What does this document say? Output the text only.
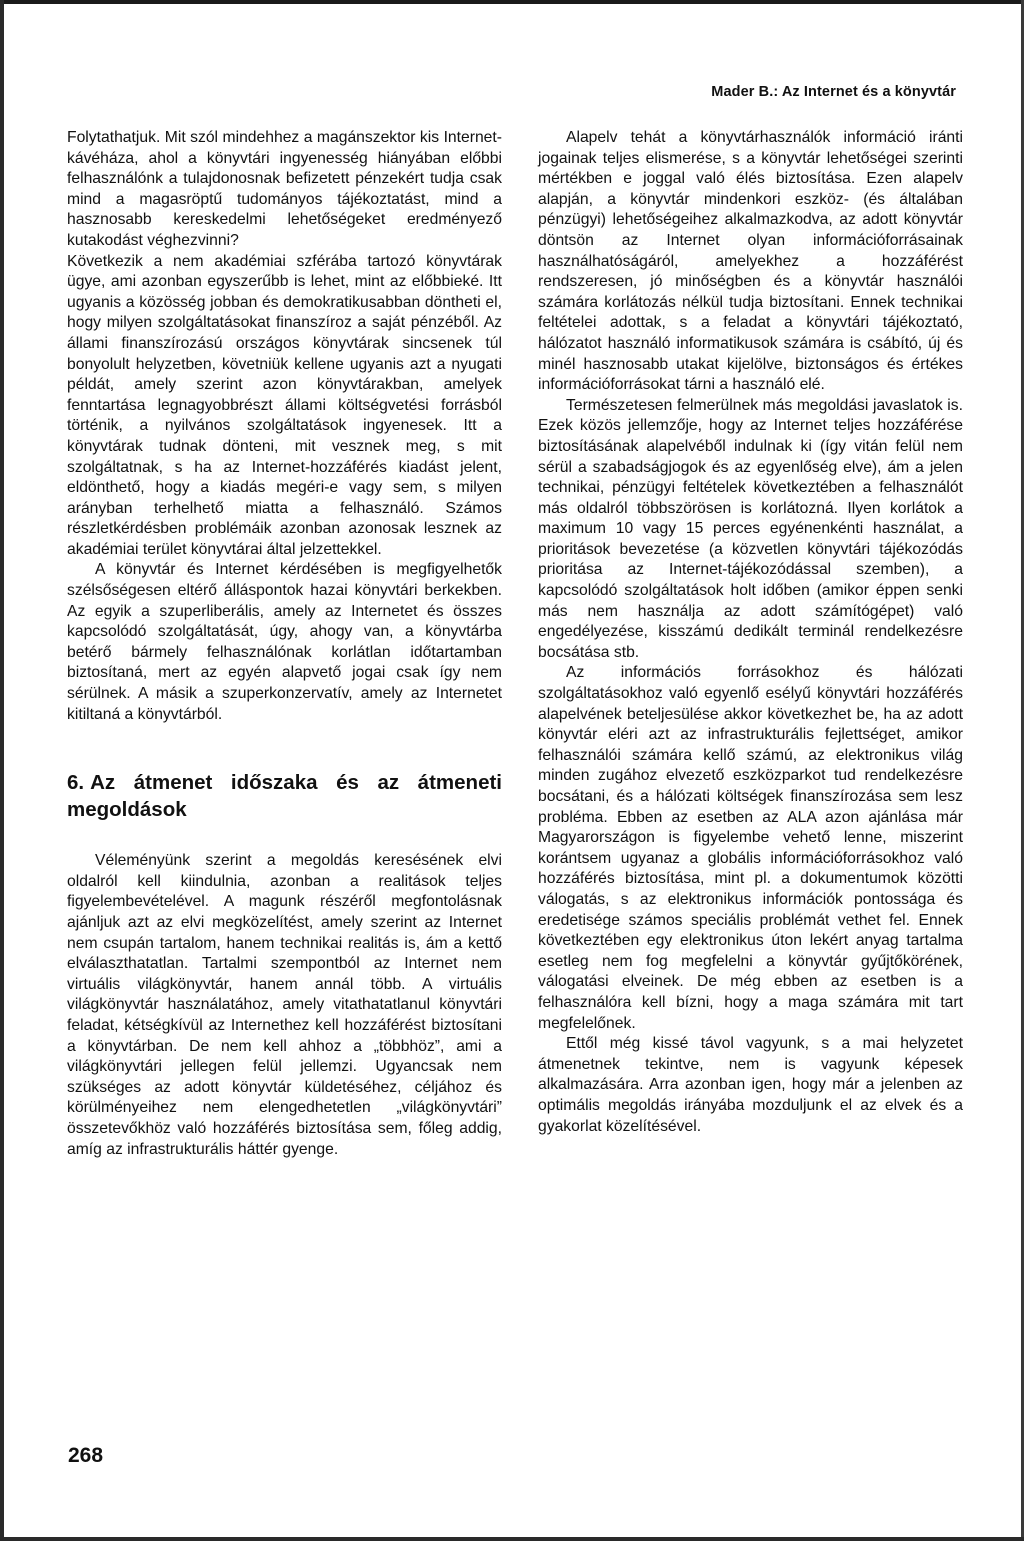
Mader B.: Az Internet és a könyvtár

Folytathatjuk. Mit szól mindehhez a magánszektor kis Internet-kávéháza, ahol a könyvtári ingyenesség hiányában előbbi felhasználónk a tulajdonosnak befizetett pénzekért tudja csak mind a magasröptű tudományos tájékoztatást, mind a hasznosabb kereskedelmi lehetőségeket eredményező kutakodást véghezvinni?

Következik a nem akadémiai szférába tartozó könyvtárak ügye, ami azonban egyszerűbb is lehet, mint az előbbieké. Itt ugyanis a közösség jobban és demokratikusabban döntheti el, hogy milyen szolgáltatásokat finanszíroz a saját pénzéből. Az állami finanszírozású országos könyvtárak sincsenek túl bonyolult helyzetben, követniük kellene ugyanis azt a nyugati példát, amely szerint azon könyvtárakban, amelyek fenntartása legnagyobbrészt állami költségvetési forrásból történik, a nyilvános szolgáltatások ingyenesek. Itt a könyvtárak tudnak dönteni, mit vesznek meg, s mit szolgáltatnak, s ha az Internet-hozzáférés kiadást jelent, eldönthető, hogy a kiadás megéri-e vagy sem, s milyen arányban terhelhető miatta a felhasználó. Számos részletkérdésben problémáik azonban azonosak lesznek az akadémiai terület könyvtárai által jelzettekkel.

A könyvtár és Internet kérdésében is megfigyelhetők szélsőségesen eltérő álláspontok hazai könyvtári berkekben. Az egyik a szuperliberális, amely az Internetet és összes kapcsolódó szolgáltatását, úgy, ahogy van, a könyvtárba betérő bármely felhasználónak korlátlan időtartamban biztosítaná, mert az egyén alapvető jogai csak így nem sérülnek. A másik a szuperkonzervatív, amely az Internetet kitiltaná a könyvtárból.

6. Az átmenet időszaka és az átmeneti megoldások

Véleményünk szerint a megoldás keresésének elvi oldalról kell kiindulnia, azonban a realitások teljes figyelembevételével. A magunk részéről megfontolásnak ajánljuk azt az elvi megközelítést, amely szerint az Internet nem csupán tartalom, hanem technikai realitás is, ám a kettő elválaszthatatlan. Tartalmi szempontból az Internet nem virtuális világkönyvtár, hanem annál több. A virtuális világkönyvtár használatához, amely vitathatatlanul könyvtári feladat, kétségkívül az Internethez kell hozzáférést biztosítani a könyvtárban. De nem kell ahhoz a „többhöz”, ami a világkönyvtári jellegen felül jellemzi. Ugyancsak nem szükséges az adott könyvtár küldetéséhez, céljához és körülményeihez nem elengedhetetlen „világkönyvtári” összetevőkhöz való hozzáférés biztosítása sem, főleg addig, amíg az infrastrukturális háttér gyenge.

Alapelv tehát a könyvtárhasználók információ iránti jogainak teljes elismerése, s a könyvtár lehetőségei szerinti mértékben e joggal való élés biztosítása. Ezen alapelv alapján, a könyvtár mindenkori eszköz- (és általában pénzügyi) lehetőségeihez alkalmazkodva, az adott könyvtár döntsön az Internet olyan információforrásainak használhatóságáról, amelyekhez a hozzáférést rendszeresen, jó minőségben és a könyvtár használói számára korlátozás nélkül tudja biztosítani. Ennek technikai feltételei adottak, s a feladat a könyvtári tájékoztató, hálózatot használó informatikusok számára is csábító, új és minél hasznosabb utakat kijelölve, biztonságos és értékes információforrásokat tárni a használó elé.

Természetesen felmerülnek más megoldási javaslatok is. Ezek közös jellemzője, hogy az Internet teljes hozzáférése biztosításának alapelvéből indulnak ki (így vitán felül nem sérül a szabadságjogok és az egyenlőség elve), ám a jelen technikai, pénzügyi feltételek következtében a felhasználót más oldalról többszörösen is korlátozná. Ilyen korlátok a maximum 10 vagy 15 perces egyénenkénti használat, a prioritások bevezetése (a közvetlen könyvtári tájékozódás prioritása az Internet-tájékozódással szemben), a kapcsolódó szolgáltatások holt időben (amikor éppen senki más nem használja az adott számítógépet) való engedélyezése, kisszámú dedikált terminál rendelkezésre bocsátása stb.

Az információs forrásokhoz és hálózati szolgáltatásokhoz való egyenlő esélyű könyvtári hozzáférés alapelvének beteljesülése akkor következhet be, ha az adott könyvtár eléri azt az infrastrukturális fejlettséget, amikor felhasználói számára kellő számú, az elektronikus világ minden zugához elvezető eszközparkot tud rendelkezésre bocsátani, és a hálózati költségek finanszírozása sem lesz probléma. Ebben az esetben az ALA azon ajánlása már Magyarországon is figyelembe vehető lenne, miszerint korántsem ugyanaz a globális információforrásokhoz való hozzáférés biztosítása, mint pl. a dokumentumok közötti válogatás, s az elektronikus információk pontossága és eredetisége számos speciális problémát vethet fel. Ennek következtében egy elektronikus úton lekért anyag tartalma esetleg nem fog megfelelni a könyvtár gyűjtőkörének, válogatási elveinek. De még ebben az esetben is a felhasználóra kell bízni, hogy a maga számára mit tart megfelelőnek.

Ettől még kissé távol vagyunk, s a mai helyzetet átmenetnek tekintve, nem is vagyunk képesek alkalmazására. Arra azonban igen, hogy már a jelenben az optimális megoldás irányába mozduljunk el az elvek és a gyakorlat közelítésével.

268
